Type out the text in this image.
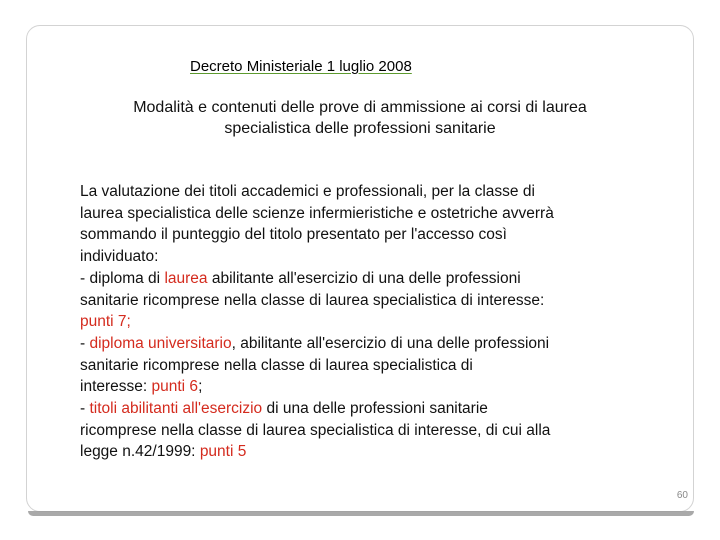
Decreto Ministeriale 1 luglio 2008
Modalità e contenuti delle prove di ammissione ai corsi di laurea
specialistica delle professioni sanitarie
La valutazione dei titoli accademici e professionali, per la classe di
laurea specialistica delle scienze infermieristiche e ostetriche avverrà
sommando il punteggio del titolo presentato per l'accesso così
individuato:
- diploma di laurea abilitante all'esercizio di una delle professioni
sanitarie ricomprese nella classe di laurea specialistica di interesse:
punti 7;
- diploma universitario, abilitante all'esercizio di una delle professioni
sanitarie ricomprese nella classe di laurea specialistica di
interesse: punti 6;
- titoli abilitanti all'esercizio di una delle professioni sanitarie
ricomprese nella classe di laurea specialistica di interesse, di cui alla
legge n.42/1999: punti 5
60
